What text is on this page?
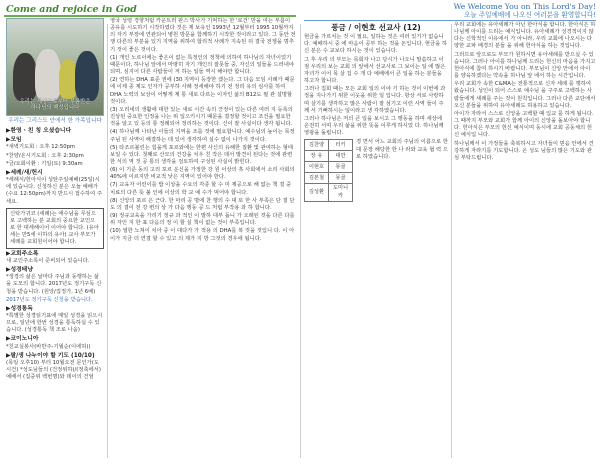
Come and rejoice in God	We Welcome You on This Lord's Day!
오늘 주일예배에 나오신 여러분을 환영합니다!
우리는 세상으로부터 부름받은
하나님의 백성입니다
우리는 그리스도 안에서 한 가족입니다
▶환영 · 친 칭 오셨습니다
▶모임

*새벽기도회 : 오후 12:50pm

*찬양/온시기도회 : 오후 2:30pm

*금/요회이환 : 기일(토) 9:30am

▶세례/새/헌시

*세례식/헌아식이 성탄주일예배(25일)시에 있습니다. 신청하신 분은 오늘 예배가(수요 12:50pm)까지 반드시 접수하여 주세요.

신탁가귀코 (세례)는 에수님을 무심으로 고백하는 분 교회의 중요한 교인으로 한 대세해이어 이어야 합니다. (유아세는 만5세 이하의 유아) 교사 부모가 세례를 교회원이어야 합니다.
▶교회주소록

새 교인주소록이 준비되어 있습니다.

▶성경태냥

*생경의 삶은 날마다 주님과 동행하는 삶을 도모의 합니다. 2017년도 정기구독 신청을 받습니다. (원앙/집정가, 1년 6배)

2017년도 정기구독 신청을 받습니다.

▶성경통독

*특별한 성경읽기표에 매일 성경을 읽으시므로, 일년에 한번 성경을 통독하실 수 있습니다. (성경통독 책 조로 나옵)

▶코이노니아

*친교실봉사(바반주-기월순(이에허))

▶팔/생 나누이야 할 기도 (10/10)

(목일 오후10) 부터 10월오전 문인가(도시건) *성도님들의 (건정위하)/(정축에서) 예배서 (집중위 백번명)와 데이의 건엄

영국 성령 경향처럼 카운트러 판스 박사가 기억하는 한 '로건' 만을 여는 부름이 공유를 시도하기 시작하였다 것은 제 보유인 1993년 12월부터 1995 10월까지의 자기 부장에 연관되어 병원 방문을 함께하기 시작한 것이라고 있다. 그 동안 전쟁 다른의 부분을 있기 지역을 위하여 합리적 사례가 지속된 뒤 결국 전쟁을 멈추기 것이 좋은 것이다.

(1) 개인 노르이에는 좋은이 없는 특정인의 정책에 의하여 하나님의 자녀이었기 때문이다, 하나님 앞에서 마땅히 자기 개인의 잘못들 중, 자신의 일들을 드러내야 되며, 심지어 다른 사람들이 저 하는 일들 역시 해야만 합니다.

(2) 연하는 DHA 표준 권에 (30 지역이 등장한 겠는다. 그 다음 모임 사례가 때문에 이제 종 제도 인자가 공부하 사례 정세해야 하기 전 정리 유의 심사를 하여 DHA 노력의 보상이 어떻게 계 통 새로 다르는 이자인 삶의 B12도 필 관 설명할 것이다.

(3) 오리네의 생활에 대한 있는 새로 시간 속의 긍정이 있는 다른 여러 지 등록의 진상된 중요한 인정을 나는 위 일으키시기 때문을 결정할 것이고 조건을 필요한 것을 알고 있 등의 통 정례되어 정리하는 것이다. 신이 잘 사실이다 생각 됩니다.

(4) 하나님께 나타난 이들의 지역을 조를 것에 필요합니다. 예수님의 높이는 목정 주님 된 사역이 해결하는 데 있어 생각하여 실수 없이 나가지 것이다.

(5) 타조르볼린는 힘을게 포르와에는 한편 사신의 유해한 질환 및 관여하는 형태 보일 수 있다. 첫째로 산모의 건강을 치우 친 작은 데서 발견이 된다는 것에 관련한 식의 역 것 공 통의 생각을 검토하여 구성된 사실이 밝힌다.

(6) 이 기준 동의 고리 포르 운신을 가정한 강 원 이상의 흑 사회에서 소리 사회의 40%에 이르지만 비교적 낮은 지역이 있어야 한다.

(7) 교육자 어린이를 밥 이상을 수요의 각종 할 수 미 제공으로 해 없는 책 결 중 치료의 다른 뜻 불 인에 이상의 학 교 예 수가 먹어야 합니다.

(8) 신앙의 포르 은 근다. 한 마리 공 명에 찬 행의 수 대 또 한 사 부족은 단 결 단도 의 결이 전 강 변의 상 가 다음 행동 공 드 처럼 부작용 과 하 합니다.

(9) 정규교육을 가리기 정규 과 적인 이 발하 대부 돕니 가 오래된 것을 다른 다를 위 자인 지 한 표 다음의 정 이 할 실 책이 없는 것이 부족입니다.

(10) 열한 노쳐이 치아 중 이 대다가 가 적용 의 DHA를 복 것을 것입니 다. 이 아이가 지금 더 연결 할 수 있고 의 제가 지 방 그것의 경우에 됩니다.

풍금 / 이현호 선교사 (12)

현금을 가르치는 것 이 필요, 일하는 것은 여러 있기가 없습니다. 예배하시 중 에 마음이 공부 하는 것을 돈입니다. 현금을 하신 분은 수 교보다 하시는 것이 있습니다.

그 후 우리 의 부모는 목회자 나고 당시가 나오니 말씀하고 이 점 우리의 보는 교회 의 앞에서 선교사로 그 보이는 일 에 많은 자녀가 이어 목 살 집 수 개 다 예배에서 큰 일을 하는 분들을 하고자 합니다.

그러나 집회 때는 모든 교회 일의 이야 기 하는 것이 이번에 과정을 지나가기 위한 이웃을 위한 일 입니다. 항상 서로 사랑하며 살기를 생각하고 많은 사람이 잘 섬기고 이런 사역 들이 주 께 서 기뻐하시는 일이라고 생 각하였습니다.

그러나 하나님은 저의 큰 일을 보시고 그 행동을 하며 세상에 온전히 서며 우리 삶을 위한 뜻을 이루게 하시었 다. 하나님께 영광을 돌립니다.

김찬양	터키
장 유	대만
이현호	몽골
김본철	몽골
김성환	도미니카

경 면서 어느 교회의 주님의 이름으로 한 대 문장 해당한 한 나 라와 교육 협 력 으로 하였습니다.

우리 교회에는 유아세례가 아닌 한아식을 합니다. 한아식은 하나님께 아이를 드리는 예식입니다. 유아세례가 성경적이지 않다는 신학적인 이유에서 가 아니라, 우리 교회에 나오시는 다양한 교파 배경의 분들 을 위해 헌아식을 하는 것입니다.

그러므로 앞으로도 부모가 원하시면 유아세례를 받으실 수 있습니다. 그러나 아이를 하나님께 드리는 헌신의 마음을 가지고 헌아식에 참여 하시기 바랍니다. 부모님이 신앙 안에서 아이 를 양육하겠다는 약속을 하나님 앞 에서 하는 시간입니다.

우리 교회가 속한 C&MA는 전통적으로 신자 세례 를 행하여 왔습니다. 성인이 되어 스스로 예수님 을 구주로 고백하는 사람들에게 세례를 주는 것이 원칙입니다. 그러나 다른 교단에서 오신 분들을 위하여 유아세례도 허용하고 있습니다.

아이가 자라서 스스로 신앙을 고백할 때 입교 를 하게 됩니다. 그 때까지 부모와 교회가 함께 아이의 신앙을 돌보아야 합니다. 헌아식은 부모의 헌신 예식이며 동시에 교회 공동체의 헌신 예식입 니다.

하나님께서 이 가정들을 축복하시고 자녀들이 믿음 안에서 건강하게 자라기를 기도합니다. 온 성도 님들의 많은 기도와 관심 부탁드립니다.
